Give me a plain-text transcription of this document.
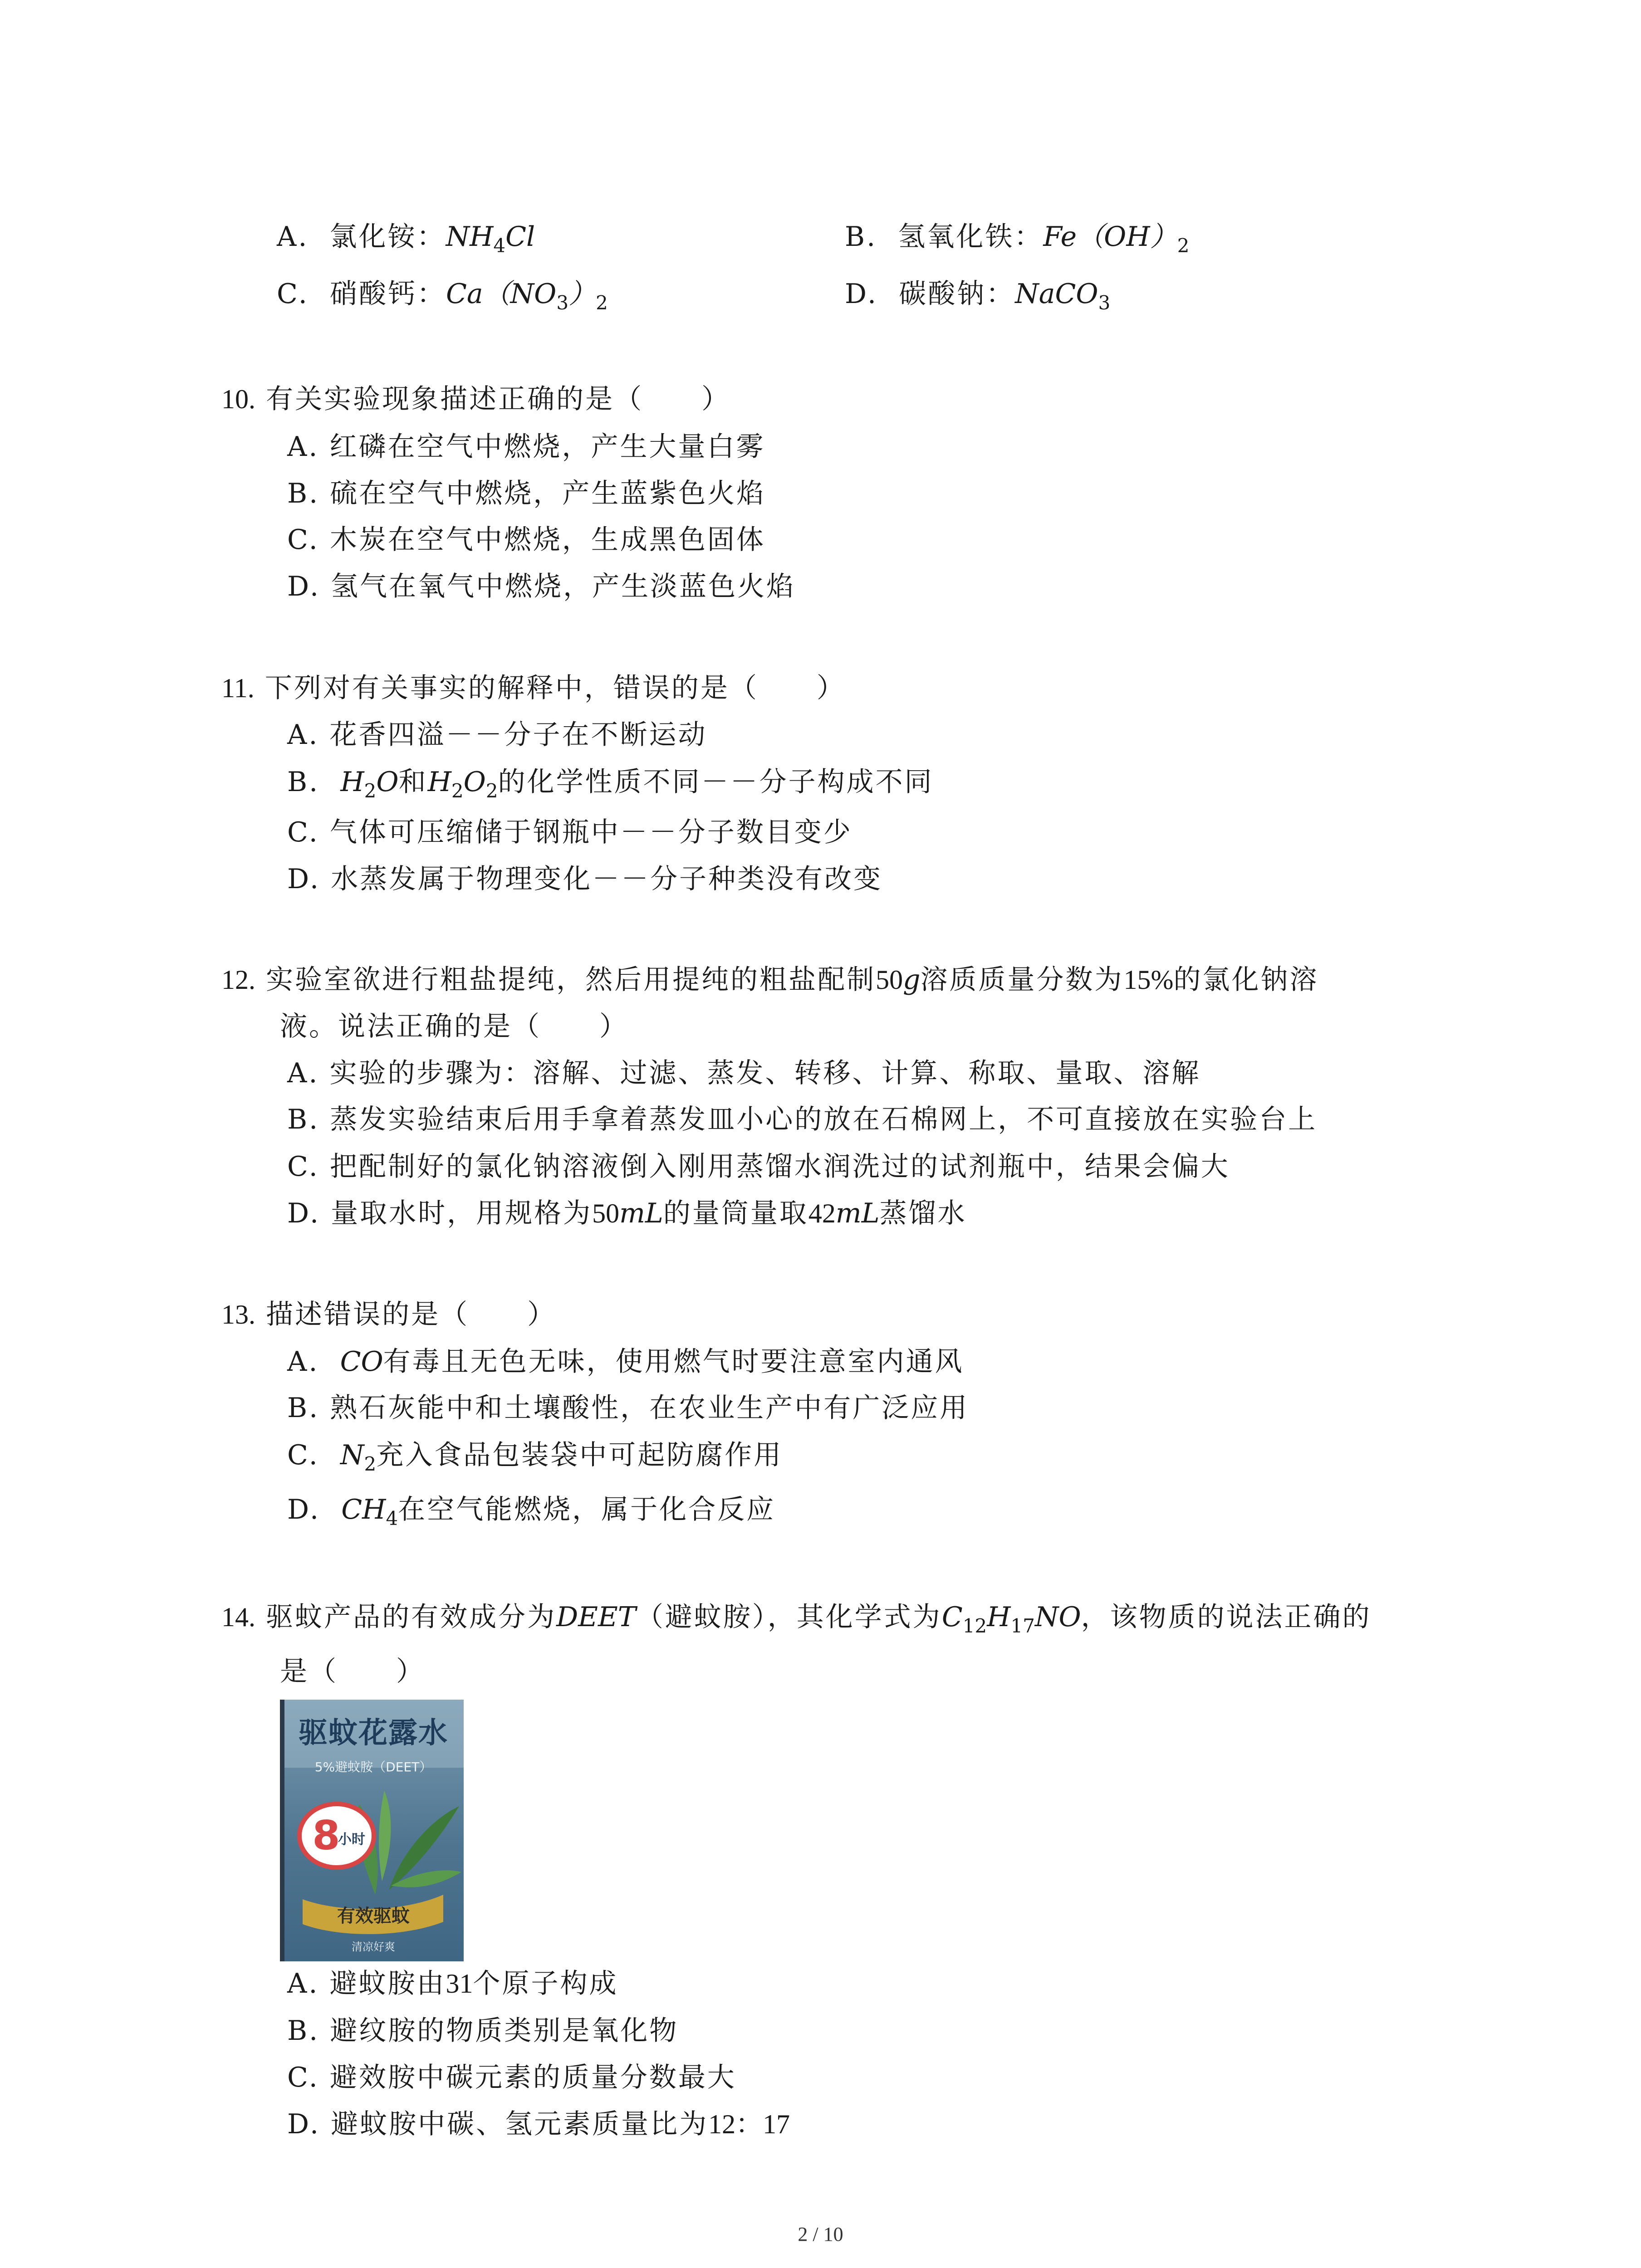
A. 氯化铵：$NH_4Cl$	B. 氢氧化铁：$Fe(OH)_2$
C. 硝酸钙：$Ca(NO_3)_2$	D. 碳酸钠：NaCO$_3$
10. 有关实验现象描述正确的是（　　）
A. 红磷在空气中燃烧，产生大量白雾
B. 硫在空气中燃烧，产生蓝紫色火焰
C. 木炭在空气中燃烧，生成黑色固体
D. 氢气在氧气中燃烧，产生淡蓝色火焰
11. 下列对有关事实的解释中，错误的是（　　）
A. 花香四溢－－分子在不断运动
B. $H_2O$和$H_2O_2$的化学性质不同－－分子构成不同
C. 气体可压缩储于钢瓶中－－分子数目变少
D. 水蒸发属于物理变化－－分子种类没有改变
12. 实验室欲进行粗盐提纯，然后用提纯的粗盐配制50g溶质质量分数为15%的氯化钠溶
液。说法正确的是（　　）
A. 实验的步骤为：溶解、过滤、蒸发、转移、计算、称取、量取、溶解
B. 蒸发实验结束后用手拿着蒸发皿小心的放在石棉网上，不可直接放在实验台上
C. 把配制好的氯化钠溶液倒入刚用蒸馏水润洗过的试剂瓶中，结果会偏大
D. 量取水时，用规格为50mL的量筒量取42mL蒸馏水
13. 描述错误的是（　　）
A. CO有毒且无色无味，使用燃气时要注意室内通风
B. 熟石灰能中和土壤酸性，在农业生产中有广泛应用
C. $N_2$充入食品包装袋中可起防腐作用
D. $CH_4$在空气能燃烧，属于化合反应
14. 驱蚊产品的有效成分为DEET（避蚊胺），其化学式为$C_{12}H_{17}NO$，该物质的说法正确的
是（　　）
驱蚊花露水
5%避蚊胺（DEET）
8
小时
有效驱蚊
清凉好爽
A. 避蚊胺由31个原子构成
B. 避纹胺的物质类别是氧化物
C. 避效胺中碳元素的质量分数最大
D. 避蚊胺中碳、氢元素质量比为12：17
2 / 10
